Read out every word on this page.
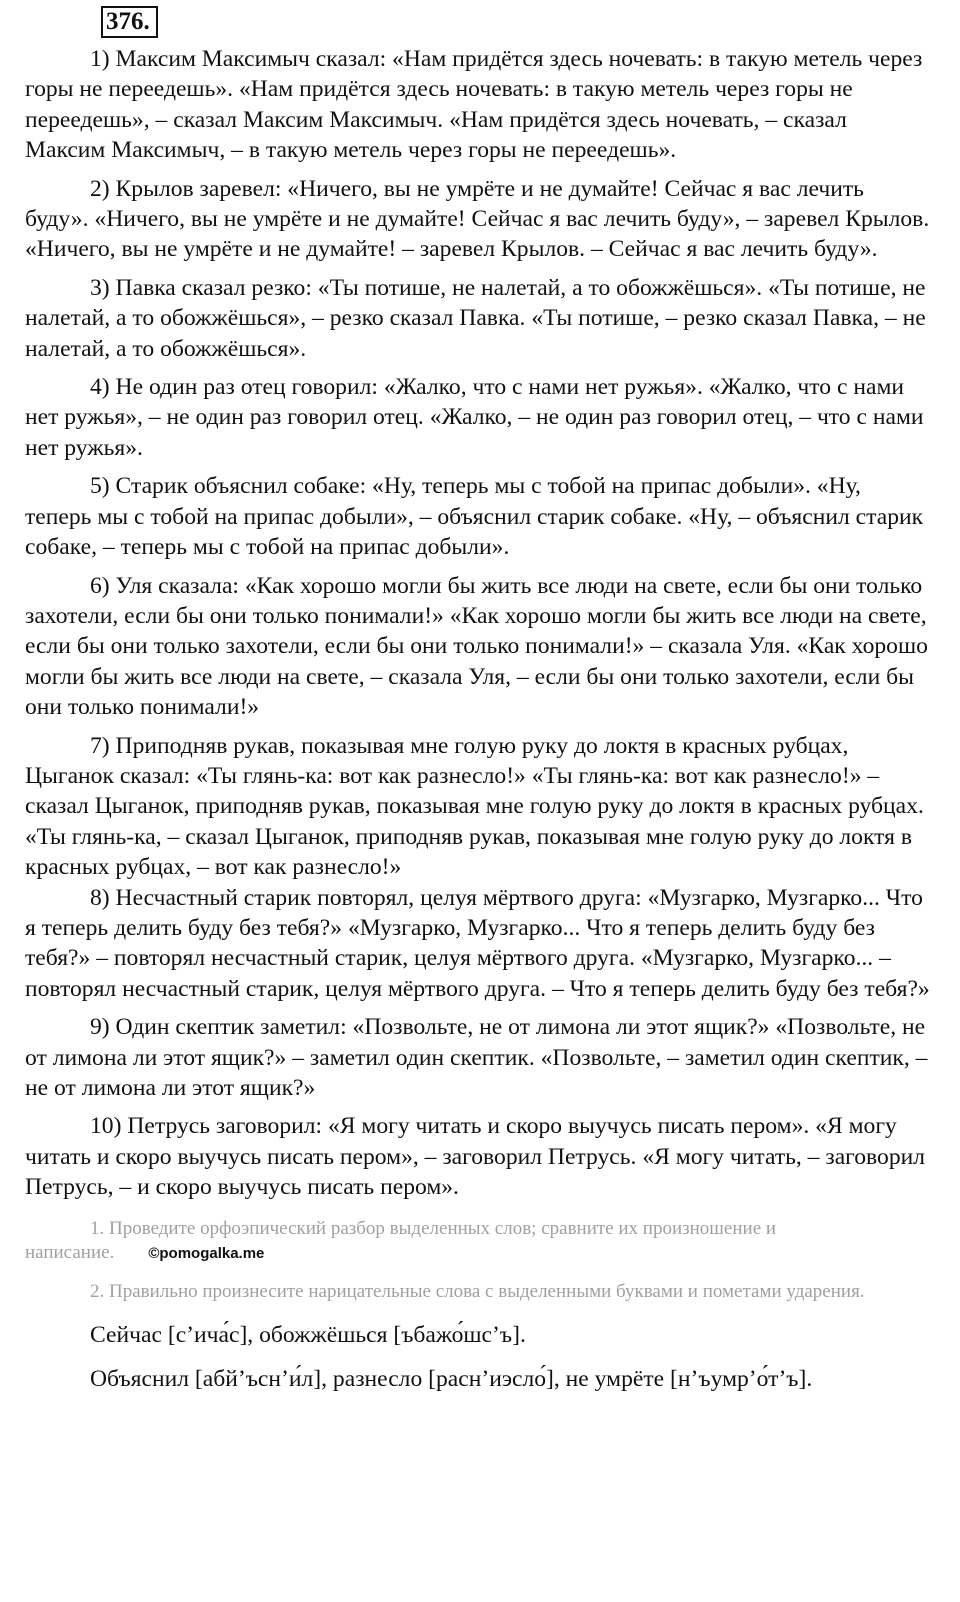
376.

1) Максим Максимыч сказал: «Нам придётся здесь ночевать: в такую метель через горы не переедешь». «Нам придётся здесь ночевать: в такую метель через горы не переедешь», – сказал Максим Максимыч. «Нам придётся здесь ночевать, – сказал Максим Максимыч, – в такую метель через горы не переедешь».

2) Крылов заревел: «Ничего, вы не умрёте и не думайте! Сейчас я вас лечить буду». «Ничего, вы не умрёте и не думайте! Сейчас я вас лечить буду», – заревел Крылов. «Ничего, вы не умрёте и не думайте! – заревел Крылов. – Сейчас я вас лечить буду».

3) Павка сказал резко: «Ты потише, не налетай, а то обожжёшься». «Ты потише, не налетай, а то обожжёшься», – резко сказал Павка. «Ты потише, – резко сказал Павка, – не налетай, а то обожжёшься».

4) Не один раз отец говорил: «Жалко, что с нами нет ружья». «Жалко, что с нами нет ружья», – не один раз говорил отец. «Жалко, – не один раз говорил отец, – что с нами нет ружья».

5) Старик объяснил собаке: «Ну, теперь мы с тобой на припас добыли». «Ну, теперь мы с тобой на припас добыли», – объяснил старик собаке. «Ну, – объяснил старик собаке, – теперь мы с тобой на припас добыли».

6) Уля сказала: «Как хорошо могли бы жить все люди на свете, если бы они только захотели, если бы они только понимали!» «Как хорошо могли бы жить все люди на свете, если бы они только захотели, если бы они только понимали!» – сказала Уля. «Как хорошо могли бы жить все люди на свете, – сказала Уля, – если бы они только захотели, если бы они только понимали!»

7) Приподняв рукав, показывая мне голую руку до локтя в красных рубцах, Цыганок сказал: «Ты глянь-ка: вот как разнесло!» «Ты глянь-ка: вот как разнесло!» – сказал Цыганок, приподняв рукав, показывая мне голую руку до локтя в красных рубцах. «Ты глянь-ка, – сказал Цыганок, приподняв рукав, показывая мне голую руку до локтя в красных рубцах, – вот как разнесло!»

8) Несчастный старик повторял, целуя мёртвого друга: «Музгарко, Музгарко... Что я теперь делить буду без тебя?» «Музгарко, Музгарко... Что я теперь делить буду без тебя?» – повторял несчастный старик, целуя мёртвого друга. «Музгарко, Музгарко... – повторял несчастный старик, целуя мёртвого друга. – Что я теперь делить буду без тебя?»

9) Один скептик заметил: «Позвольте, не от лимона ли этот ящик?» «Позвольте, не от лимона ли этот ящик?» – заметил один скептик. «Позвольте, – заметил один скептик, – не от лимона ли этот ящик?»

10) Петрусь заговорил: «Я могу читать и скоро выучусь писать пером». «Я могу читать и скоро выучусь писать пером», – заговорил Петрусь. «Я могу читать, – заговорил Петрусь, – и скоро выучусь писать пером».

1. Проведите орфоэпический разбор выделенных слов; сравните их произношение и написание. ©pomogalka.me

2. Правильно произнесите нарицательные слова с выделенными буквами и пометами ударения.

Сейчас [с’ича́с], обожжёшься [ъбажо́шс’ъ].

Объяснил [абй’ъсн’и́л], разнесло [расн’иэсло́], не умрёте [н’ъумр’о́т’ъ].
